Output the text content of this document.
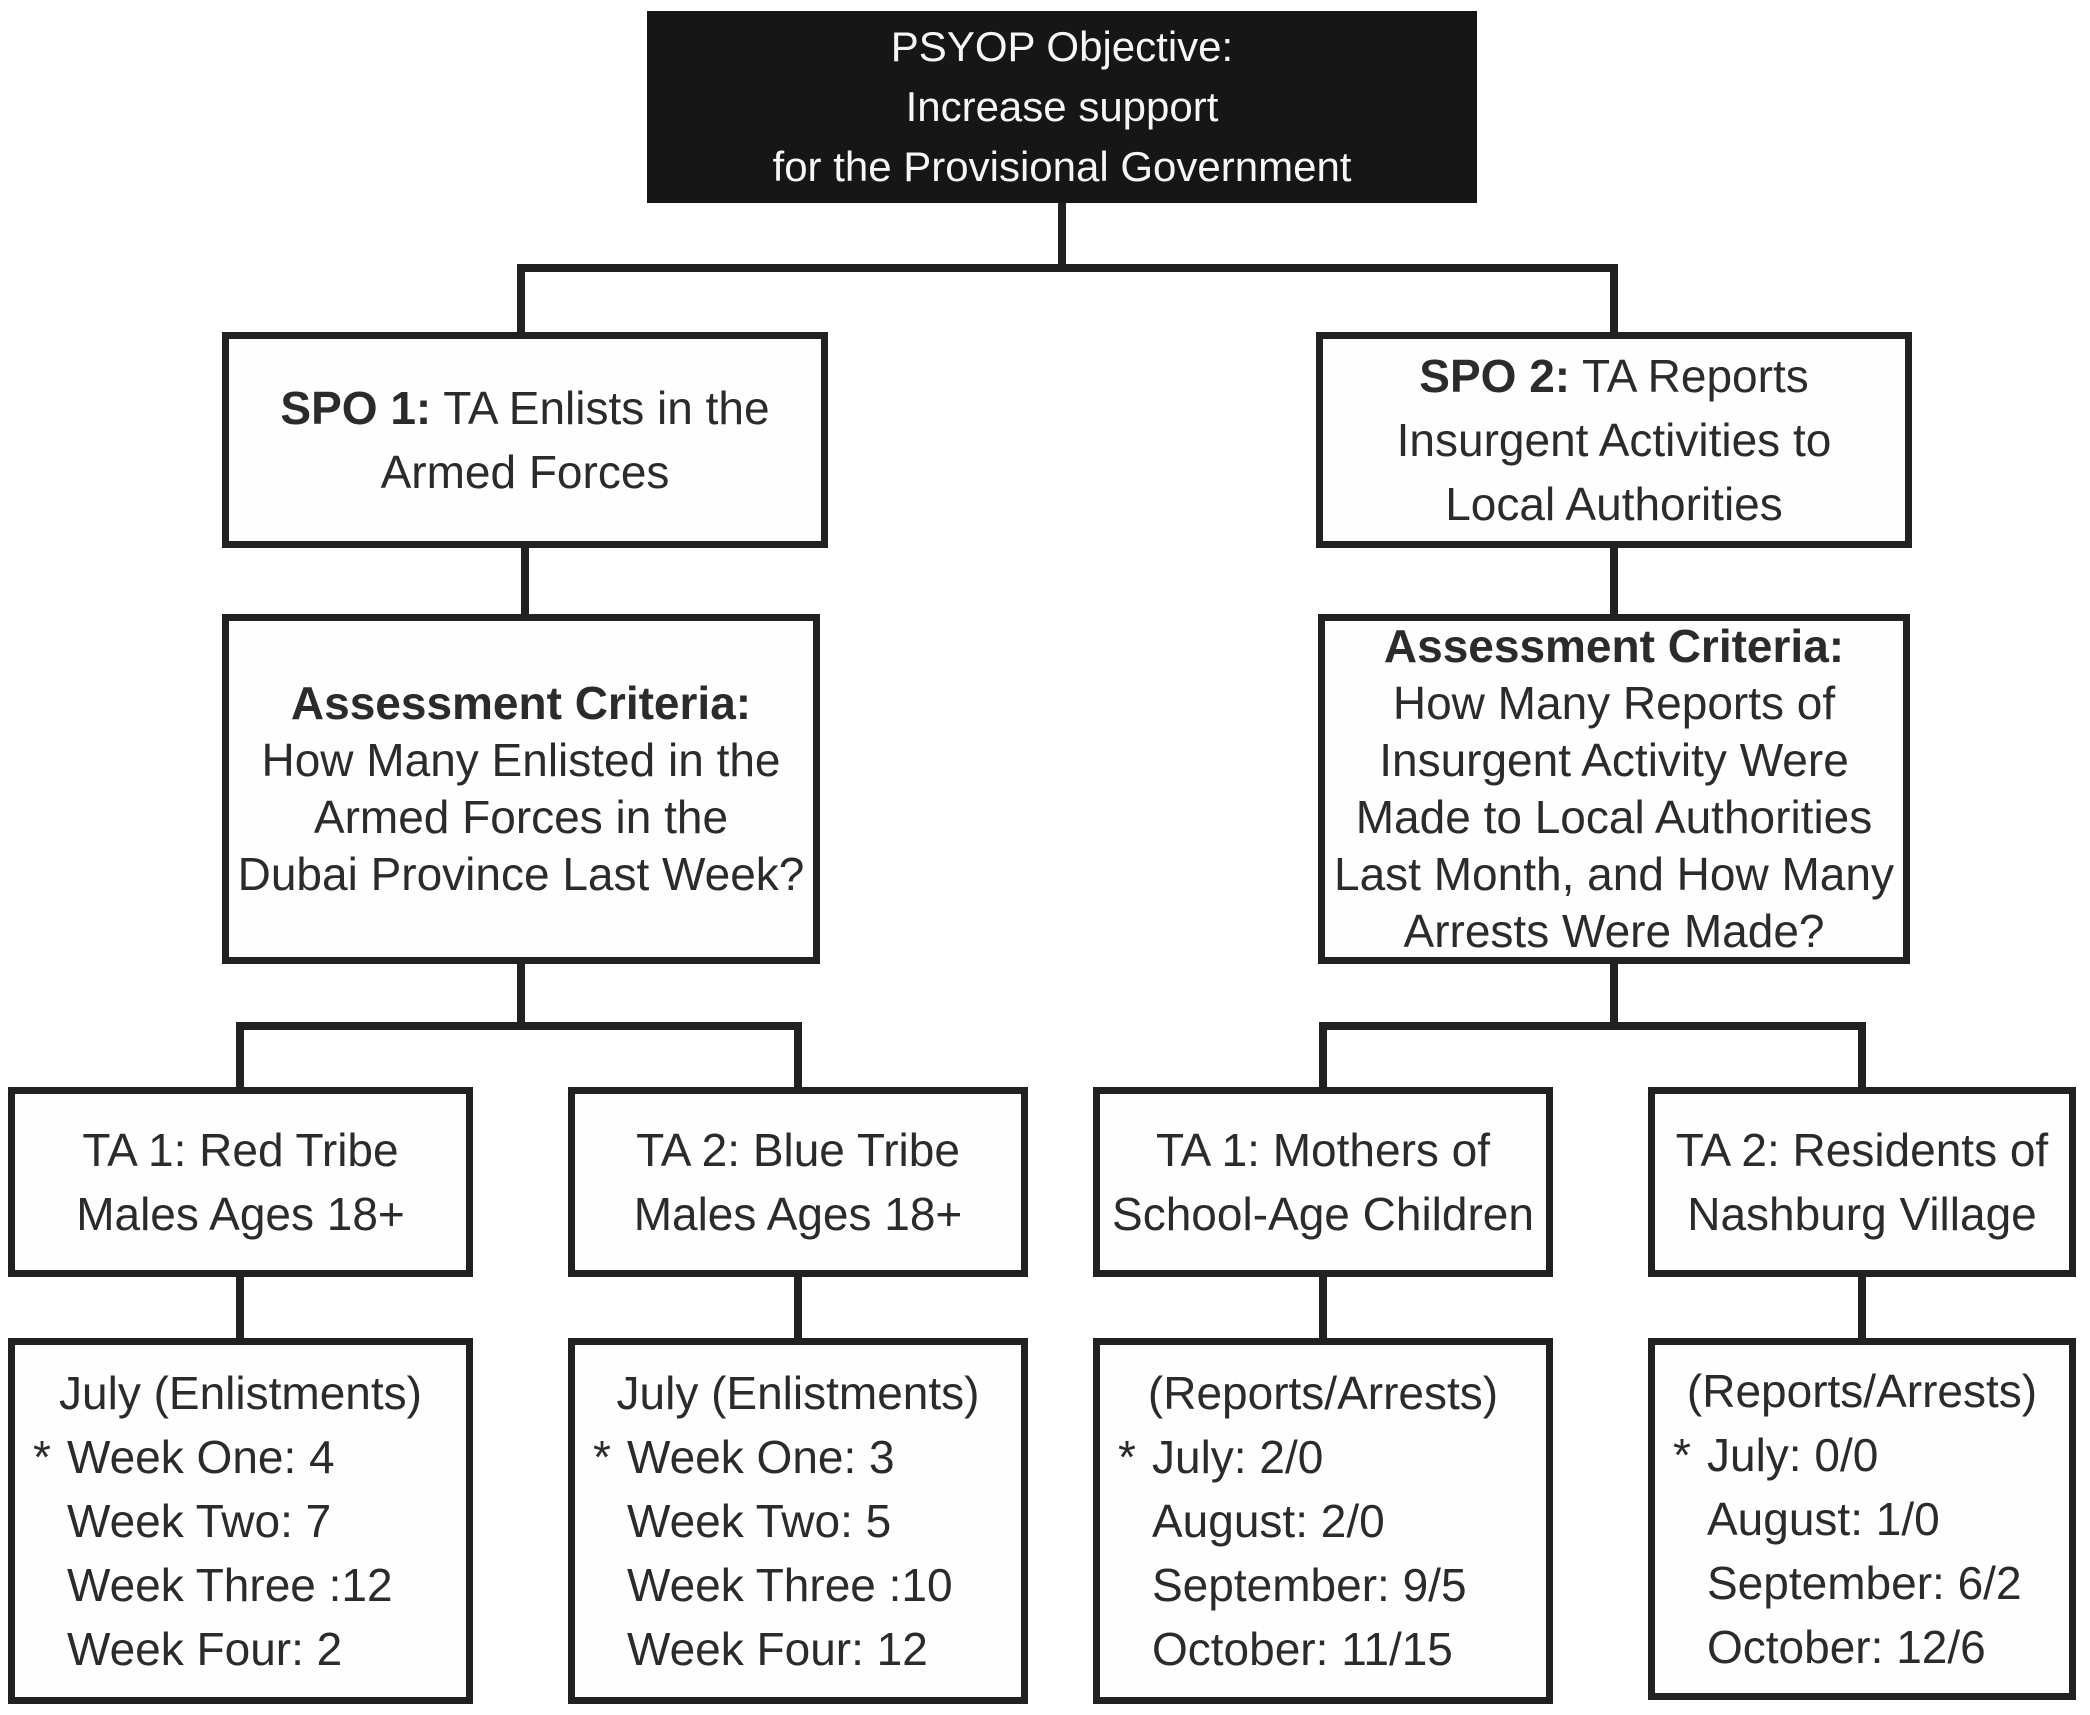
PSYOP Objective:
Increase support
for the Provisional Government
SPO 1: TA Enlists in the
Armed Forces
SPO 2: TA Reports
Insurgent Activities to
Local Authorities
Assessment Criteria:
How Many Enlisted in the
Armed Forces in the
Dubai Province Last Week?
Assessment Criteria:
How Many Reports of
Insurgent Activity Were
Made to Local Authorities
Last Month, and How Many
Arrests Were Made?
TA 1: Red Tribe
Males Ages 18+
TA 2: Blue Tribe
Males Ages 18+
TA 1: Mothers of
School-Age Children
TA 2: Residents of
Nashburg Village
July (Enlistments)
* Week One: 4
Week Two: 7
Week Three :12
Week Four: 2
July (Enlistments)
* Week One: 3
Week Two: 5
Week Three :10
Week Four: 12
(Reports/Arrests)
* July: 2/0
August: 2/0
September: 9/5
October: 11/15
(Reports/Arrests)
* July: 0/0
August: 1/0
September: 6/2
October: 12/6
